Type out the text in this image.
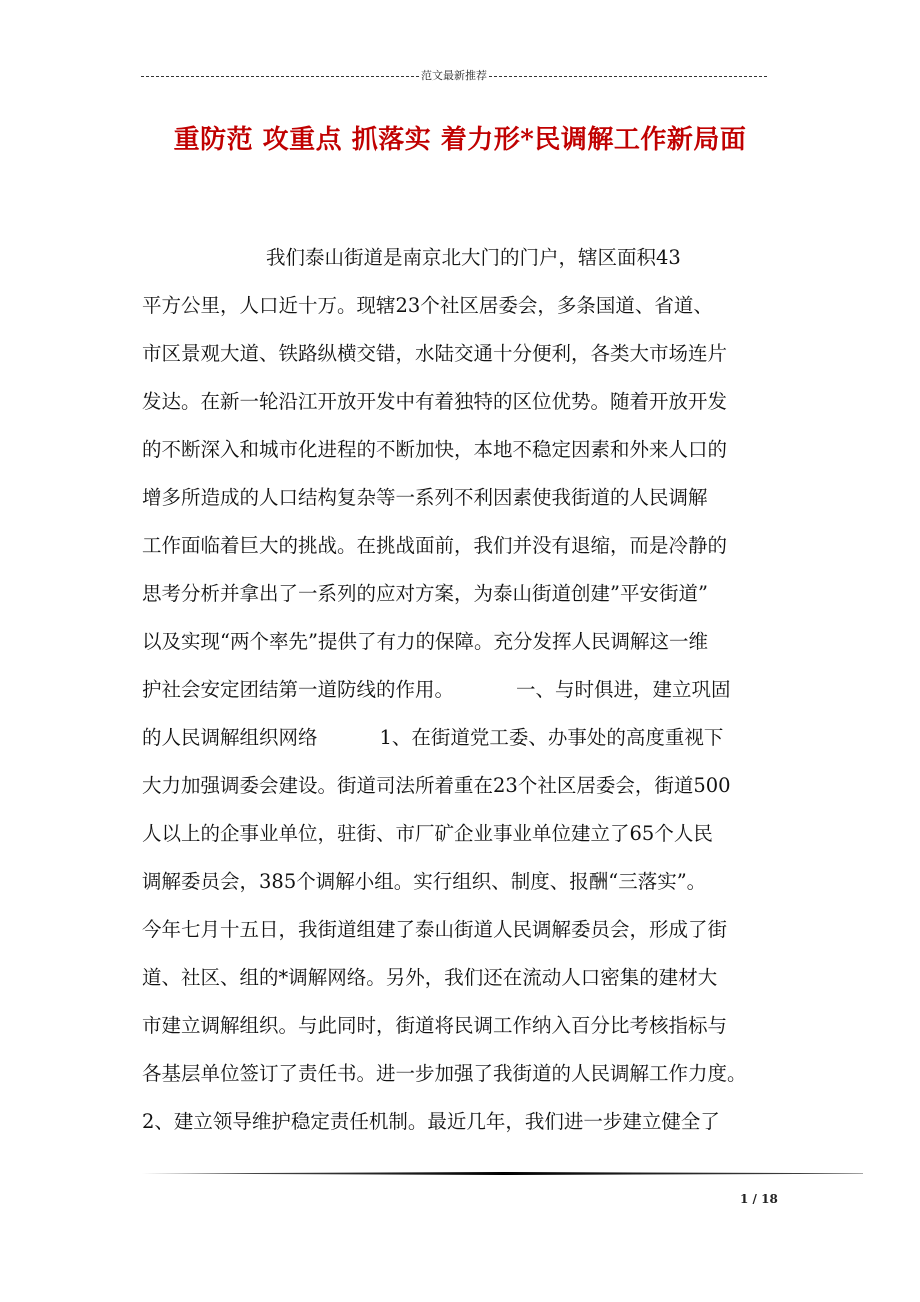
范文最新推荐
重防范 攻重点 抓落实 着力形*民调解工作新局面
我们泰山街道是南京北大门的门户，辖区面积43
平方公里，人口近十万。现辖23个社区居委会，多条国道、省道、
市区景观大道、铁路纵横交错，水陆交通十分便利，各类大市场连片
发达。在新一轮沿江开放开发中有着独特的区位优势。随着开放开发
的不断深入和城市化进程的不断加快，本地不稳定因素和外来人口的
增多所造成的人口结构复杂等一系列不利因素使我街道的人民调解
工作面临着巨大的挑战。在挑战面前，我们并没有退缩，而是冷静的
思考分析并拿出了一系列的应对方案，为泰山街道创建”平安街道”
以及实现“两个率先”提供了有力的保障。充分发挥人民调解这一维
护社会安定团结第一道防线的作用。          一、与时俱进，建立巩固
的人民调解组织网络          1、在街道党工委、办事处的高度重视下
大力加强调委会建设。街道司法所着重在23个社区居委会，街道500
人以上的企事业单位，驻街、市厂矿企业事业单位建立了65个人民
调解委员会，385个调解小组。实行组织、制度、报酬“三落实”。
今年七月十五日，我街道组建了泰山街道人民调解委员会，形成了街
道、社区、组的*调解网络。另外，我们还在流动人口密集的建材大
市建立调解组织。与此同时，街道将民调工作纳入百分比考核指标与
各基层单位签订了责任书。进一步加强了我街道的人民调解工作力度。
2、建立领导维护稳定责任机制。最近几年，我们进一步建立健全了
1 / 18
